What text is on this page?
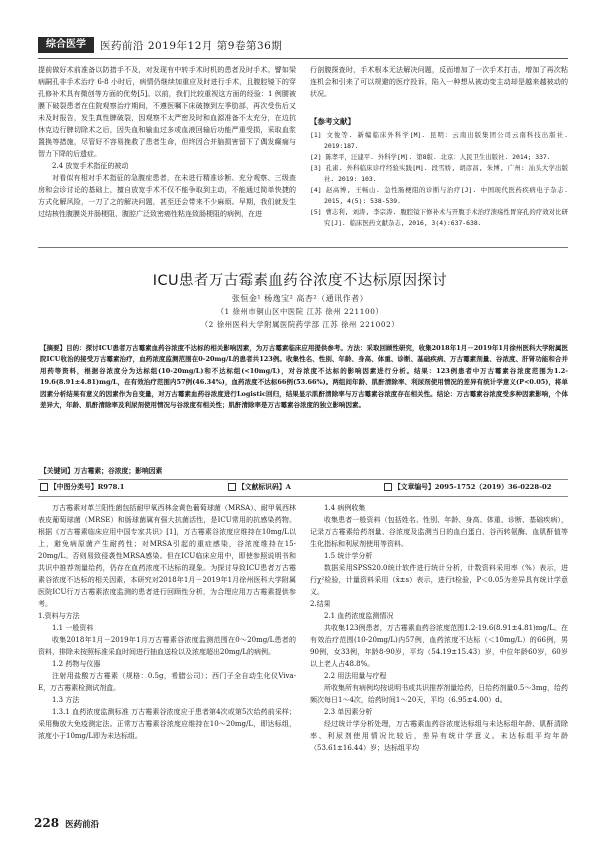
综合医学	医药前沿 2019年12月 第9卷第36期

提前做好术前准备以防措手不及，对发现有中转手术时机的患者及时手术。譬如梁病嗣孔非手术治疗 6-8 小时后，病情仍继续加重应及时进行手术，且腹腔镜下的穿孔修补术具有微创等方面的优势[5]。以前，我们比较重视这方面的经验：1 例腰被膜下破裂患者在住院观察治疗期间，不遵医嘱下床破擦到左季肋部，再次受伤后又未及时报告，发生真性脾破裂，因观察不太严密及时和血源准备不太充分，在边抗休克边行脾切除术之后，因失血和输血过多或血液回输后功能严重受损，采取血浆置换等措施，尽管好不容易挽救了患者生命，但终因合并脑损害留下了偶发癫痫与智力下降的后遗症。

2.4 放宽手术指征的被动

对看似有相对手术指征的急腹症患者，在未进行精准诊断、充分观察、三级查房和会诊讨论的基础上，擅自放宽手术不仅不能争取到主动，不能通过简单快捷的方式化解风险，一刀了之的解决问题，甚至还会带来不少麻烦。早期，我们就发生过结核性腹膜炎并肠梗阻、腹腔广泛致密癌性粘连致肠梗阻的病例，在进

行剖腹探查时，手术根本无法解决问题，反而增加了一次手术打击，增加了再次粘连机会和引来了可以规避的医疗投诉，陷入一种想从被动变主动却是越来越被动的状况。

【参考文献】
[1] 文俊等. 新编临床外科学[M]. 昆明：云南出版集团公司云南科技出版社. 2019:187.
[2] 陈孝平，汪建平. 外科学[M]. 第8版. 北京：人民卫生出版社. 2014; 337.
[3] 孔雀. 外科临床诊疗经验实践[M]. 段雪娇, 胡彦昌, 朱博, 广州: 汕头大学出版社. 2019: 103.
[4] 赵高博, 王畅山. 急性肠梗阻的诊断与治疗[J]. 中国现代医药疾病电子杂志. 2015, 4(5): 538-539.
[5] 曹志利, 刘涛, 李宗涛. 腹腔镜下修补术与开腹手术治疗溃疡性胃穿孔的疗效对比研究[J]. 临床医药文献杂志, 2016, 3(4):637-638.
ICU患者万古霉素血药谷浓度不达标原因探讨
张恒金¹ 杨逸宝² 高杏²（通讯作者）
（1 徐州市铜山区中医院 江苏 徐州 221100）
（2 徐州医科大学附属医院药学部 江苏 徐州 221002）
【摘要】目的：探讨ICU患者万古霉素血药谷浓度不达标的相关影响因素，为万古霉素临床应用提供参考。方法：采取回顾性研究，收集2018年1月－2019年1月徐州医科大学附属医院ICU收治的接受万古霉素治疗，血药浓度监测范围在0-20mg/L的患者共123例。收集性名、性别、年龄、身高、体重、诊断、基础疾病、万古霉素剂量、谷浓度、肝肾功能和合并用药等资料，根据谷浓度分为达标组(10-20mg/L)和不达标组(<10mg/L)，对谷浓度不达标的影响因素进行分析。结果：123例患者中万古霉素谷浓度范围为1.2-19.6(8.91±4.81)mg/L，在有效治疗范围内57例(46.34%)，血药浓度不达标66例(53.66%)。两组间年龄、肌酐清除率、利尿剂使用情况的差异有统计学意义(P<0.05)，将单因素分析结果有意义的因素作为自变量，对万古霉素血药谷浓度进行Logistic回归，结果显示肌酐清除率与万古霉素谷浓度存在相关性。结论：万古霉素谷浓度受多种因素影响，个体差异大，年龄、肌酐清除率及利尿剂使用情况与谷浓度有相关性；肌酐清除率是万古霉素谷浓度的独立影响因素。
【关键词】万古霉素；谷浓度；影响因素
【中图分类号】R978.1	【文献标识码】A	【文章编号】2095-1752（2019）36-0228-02

万古霉素对革兰阳性菌包括耐甲氧西林金黄色葡萄球菌（MRSA）、耐甲氧西林表皮葡萄球菌（MRSE）和肠球菌属有强大抗菌活性，是ICU常用的抗感染药物。根据《万古霉素临床应用中国专家共识》[1]，万古霉素谷浓度应维持在10mg/L以上，避免病原菌产生耐药性；对MRSA引起的重症感染，谷浓度维持在15-20mg/L。否则易致侵袭性MRSA感染。但在ICU临床应用中，即使参照说明书和共识中推荐剂量给药，仍存在血药浓度不达标的现象。为探讨导致ICU患者万古霉素谷浓度不达标的相关因素，本研究对2018年1月－2019年1月徐州医科大学附属医院ICU行万古霉素浓度监测的患者进行回顾性分析，为合理应用万古霉素提供参考。

1.资料与方法

1.1 一般资料

收集2018年1月－2019年1月万古霉素谷浓度监测范围在0～20mg/L患者的资料，排除未按照标准采血时间进行抽血送检以及浓度超出20mg/L的病例。

1.2 药物与仪器

注射用盐酸万古霉素（规格：0.5g，希腊公司）；西门子全自动生化仪Viva-E，万古霉素检测试剂盒。

1.3 方法

1.3.1 血药浓度监测标准 万古霉素谷浓度应于患者第4次或第5次给药前采样；采用酶放大免疫测定法。正常万古霉素谷浓度应维持在10～20mg/L，即达标组，浓度小于10mg/L即为未达标组。

1.4 病例收集

收集患者一般资料（包括姓名、性别、年龄、身高、体重、诊断、基础疾病），记录万古霉素给药剂量、谷浓度及监测当日的血白蛋白、谷丙转氨酶、血肌酐值等生化指标和利尿剂使用等资料。

1.5 统计学分析

数据采用SPSS20.0统计软件进行统计分析，计数资料采用率（%）表示，进行χ²检验，计量资料采用（x̄±s）表示，进行t检验，P＜0.05为差异具有统计学意义。

2.结果

2.1 血药浓度监测情况

共收集123例患者，万古霉素血药谷浓度范围1.2-19.6(8.91±4.81)mg/L。在有效治疗范围(10-20mg/L)内57例，血药浓度不达标（＜10mg/L）的66例，男90例，女33例，年龄8-90岁，平均（54.19±15.43）岁，中位年龄60岁，60岁以上老人占48.8%。

2.2 用法用量与疗程

所收集所有病例均按说明书或共识推荐剂量给药，日给药剂量0.5～3mg，给药频次每日1～4次，给药时间1～20天，平均（6.95±4.00）d。

2.3 单因素分析

经过统计学分析处理，万古霉素血药谷浓度达标组与未达标组年龄、肌酐清除率、利尿剂使用情况比较后，差异有统计学意义。未达标组平均年龄（53.61±16.44）岁；达标组平均

228 医药前沿
